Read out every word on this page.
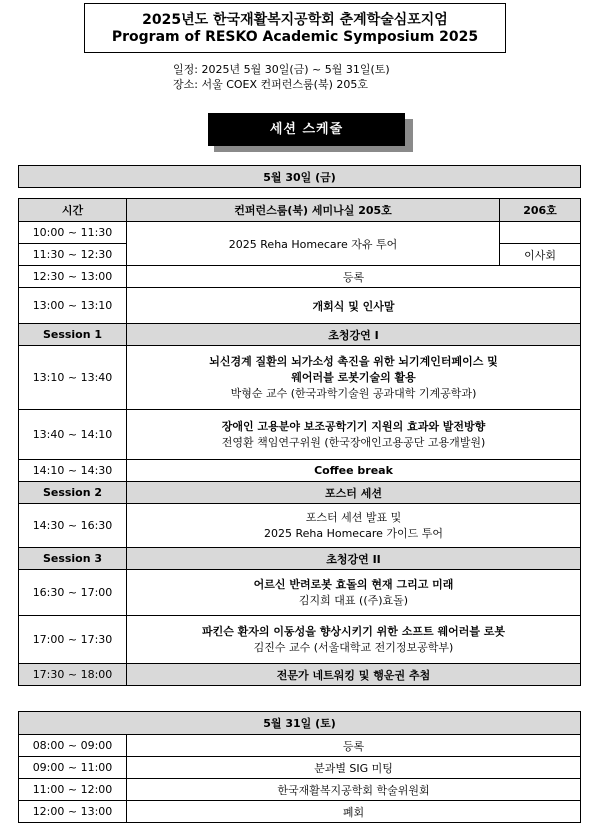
2025년도 한국재활복지공학회 춘계학술심포지엄
Program of RESKO Academic Symposium 2025
일정: 2025년 5월 30일(금) ~ 5월 31일(토)
장소: 서울 COEX 컨퍼런스룸(북) 205호
세션 스케줄
5월 30일 (금)		

시간	컨퍼런스룸(북) 세미나실 205호	206호
10:00 ~ 11:30	2025 Reha Homecare 자유 투어	
11:30 ~ 12:30		이사회
12:30 ~ 13:00	등록	
13:00 ~ 13:10	개회식 및 인사말	
Session 1	초청강연 I	
13:10 ~ 13:40	뇌신경계 질환의 뇌가소성 촉진을 위한 뇌기계인터페이스 및
웨어러블 로봇기술의 활용
박형순 교수 (한국과학기술원 공과대학 기계공학과)	

13:40 ~ 14:10	장애인 고용분야 보조공학기기 지원의 효과와 발전방향
전영환 책임연구위원 (한국장애인고용공단 고용개발원)	

14:10 ~ 14:30	Coffee break	
Session 2	포스터 세션	
14:30 ~ 16:30	포스터 세션 발표 및
2025 Reha Homecare 가이드 투어	

Session 3	초청강연 II	
16:30 ~ 17:00	어르신 반려로봇 효돌의 현재 그리고 미래
김지희 대표 ((주)효돌)	

17:00 ~ 17:30	파킨슨 환자의 이동성을 향상시키기 위한 소프트 웨어러블 로봇
김진수 교수 (서울대학교 전기정보공학부)	

17:30 ~ 18:00	전문가 네트워킹 및 행운권 추첨	
5월 31일 (토)	
08:00 ~ 09:00	등록
09:00 ~ 11:00	분과별 SIG 미팅
11:00 ~ 12:00	한국재활복지공학회 학술위원회
12:00 ~ 13:00	폐회
